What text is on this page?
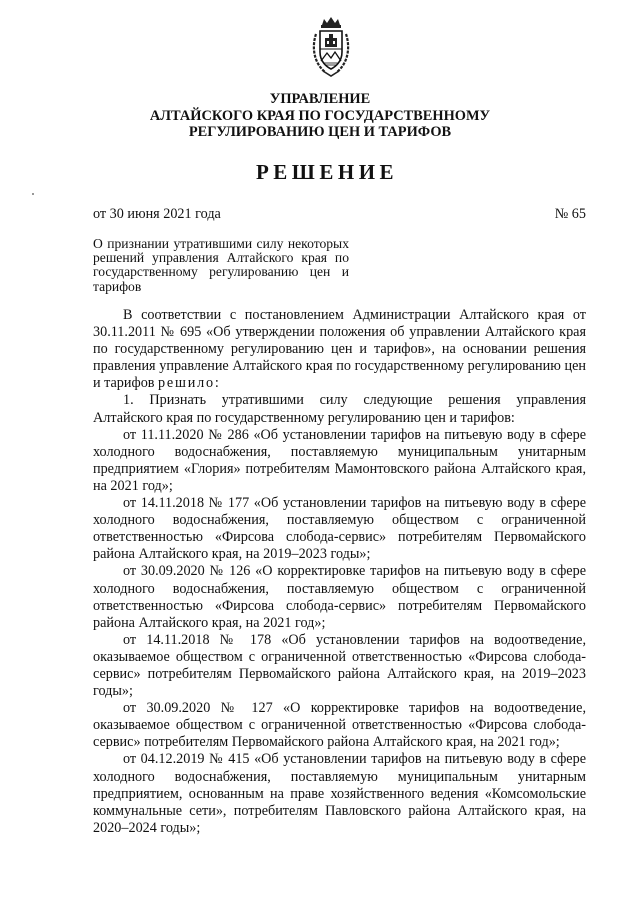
УПРАВЛЕНИЕ
АЛТАЙСКОГО КРАЯ ПО ГОСУДАРСТВЕННОМУ
РЕГУЛИРОВАНИЮ ЦЕН И ТАРИФОВ
РЕШЕНИЕ
от 30 июня 2021 года	№ 65
О признании утратившими силу некоторых решений управления Алтайского края по государственному регулированию цен и тарифов

В соответствии с постановлением Администрации Алтайского края от 30.11.2011 № 695 «Об утверждении положения об управлении Алтайского края по государственному регулированию цен и тарифов», на основании решения правления управление Алтайского края по государственному регулированию цен и тарифов решило:

1. Признать утратившими силу следующие решения управления Алтайского края по государственному регулированию цен и тарифов:

от 11.11.2020 № 286 «Об установлении тарифов на питьевую воду в сфере холодного водоснабжения, поставляемую муниципальным унитарным предприятием «Глория» потребителям Мамонтовского района Алтайского края, на 2021 год»;

от 14.11.2018 № 177 «Об установлении тарифов на питьевую воду в сфере холодного водоснабжения, поставляемую обществом с ограниченной ответственностью «Фирсова слобода-сервис» потребителям Первомайского района Алтайского края, на 2019–2023 годы»;

от 30.09.2020 № 126 «О корректировке тарифов на питьевую воду в сфере холодного водоснабжения, поставляемую обществом с ограниченной ответственностью «Фирсова слобода-сервис» потребителям Первомайского района Алтайского края, на 2021 год»;

от 14.11.2018 № 178 «Об установлении тарифов на водоотведение, оказываемое обществом с ограниченной ответственностью «Фирсова слобода-сервис» потребителям Первомайского района Алтайского края, на 2019–2023 годы»;

от 30.09.2020 № 127 «О корректировке тарифов на водоотведение, оказываемое обществом с ограниченной ответственностью «Фирсова слобода-сервис» потребителям Первомайского района Алтайского края, на 2021 год»;

от 04.12.2019 № 415 «Об установлении тарифов на питьевую воду в сфере холодного водоснабжения, поставляемую муниципальным унитарным предприятием, основанным на праве хозяйственного ведения «Комсомольские коммунальные сети», потребителям Павловского района Алтайского края, на 2020–2024 годы»;
